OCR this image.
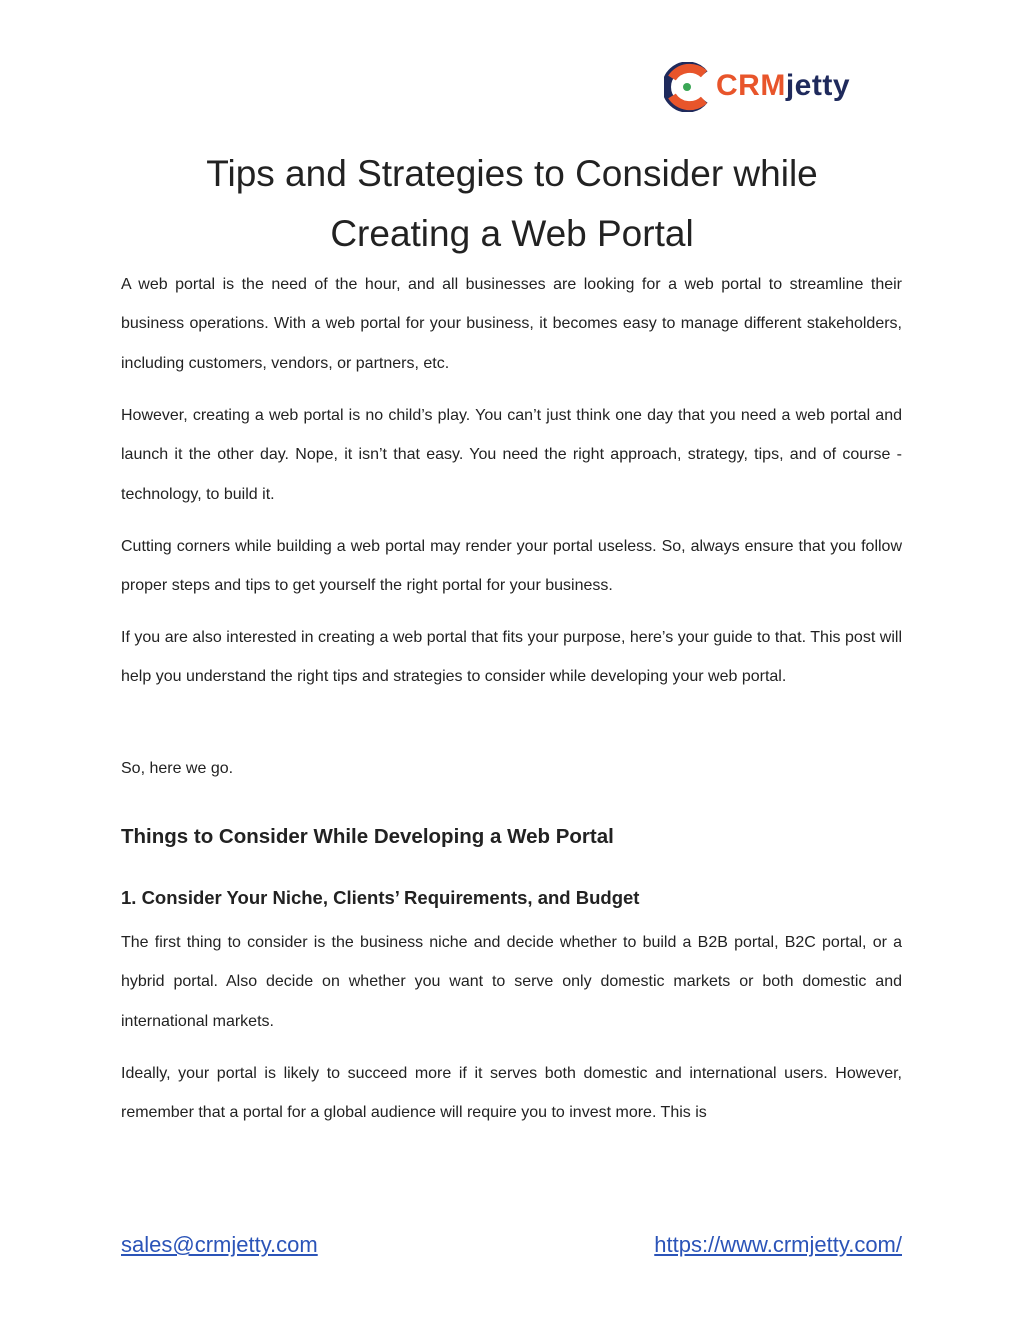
CRMjetty
Tips and Strategies to Consider while
Creating a Web Portal

A web portal is the need of the hour, and all businesses are looking for a web portal to streamline their business operations. With a web portal for your business, it becomes easy to manage different stakeholders, including customers, vendors, or partners, etc.

However, creating a web portal is no child’s play. You can’t just think one day that you need a web portal and launch it the other day. Nope, it isn’t that easy. You need the right approach, strategy, tips, and of course - technology, to build it.

Cutting corners while building a web portal may render your portal useless. So, always ensure that you follow proper steps and tips to get yourself the right portal for your business.

If you are also interested in creating a web portal that fits your purpose, here’s your guide to that. This post will help you understand the right tips and strategies to consider while developing your web portal.

So, here we go.

Things to Consider While Developing a Web Portal
1. Consider Your Niche, Clients’ Requirements, and Budget

The first thing to consider is the business niche and decide whether to build a B2B portal, B2C portal, or a hybrid portal. Also decide on whether you want to serve only domestic markets or both domestic and international markets.

Ideally, your portal is likely to succeed more if it serves both domestic and international users. However, remember that a portal for a global audience will require you to invest more. This is

sales@crmjetty.com	https://www.crmjetty.com/
